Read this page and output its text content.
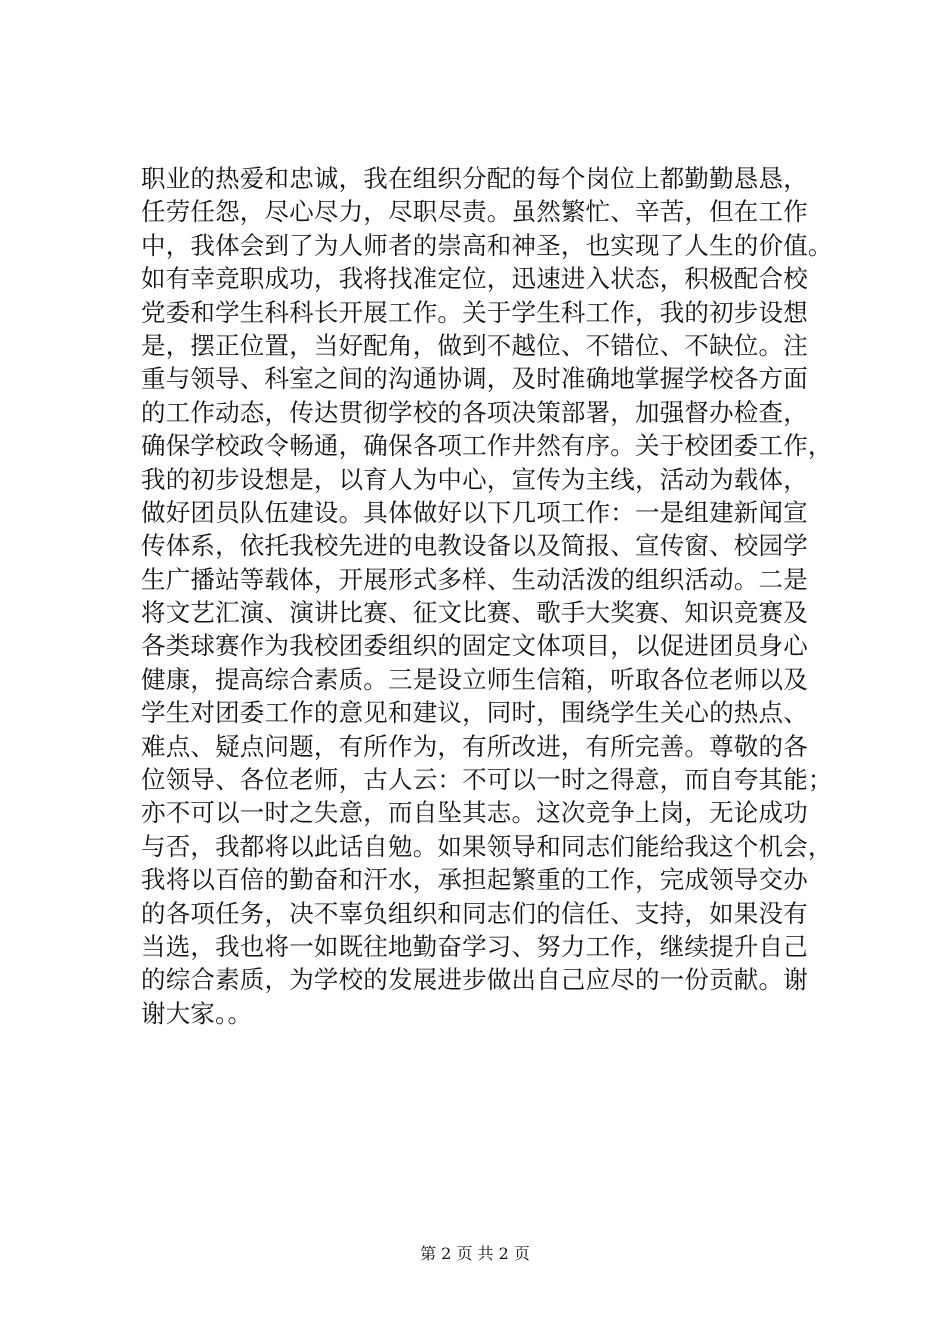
职业的热爱和忠诚，我在组织分配的每个岗位上都勤勤恳恳，
任劳任怨，尽心尽力，尽职尽责。虽然繁忙、辛苦，但在工作
中，我体会到了为人师者的崇高和神圣，也实现了人生的价值。
如有幸竞职成功，我将找准定位，迅速进入状态，积极配合校
党委和学生科科长开展工作。关于学生科工作，我的初步设想
是，摆正位置，当好配角，做到不越位、不错位、不缺位。注
重与领导、科室之间的沟通协调，及时准确地掌握学校各方面
的工作动态，传达贯彻学校的各项决策部署，加强督办检查，
确保学校政令畅通，确保各项工作井然有序。关于校团委工作，
我的初步设想是，以育人为中心，宣传为主线，活动为载体，
做好团员队伍建设。具体做好以下几项工作：一是组建新闻宣
传体系，依托我校先进的电教设备以及简报、宣传窗、校园学
生广播站等载体，开展形式多样、生动活泼的组织活动。二是
将文艺汇演、演讲比赛、征文比赛、歌手大奖赛、知识竞赛及
各类球赛作为我校团委组织的固定文体项目，以促进团员身心
健康，提高综合素质。三是设立师生信箱，听取各位老师以及
学生对团委工作的意见和建议，同时，围绕学生关心的热点、
难点、疑点问题，有所作为，有所改进，有所完善。尊敬的各
位领导、各位老师，古人云：不可以一时之得意，而自夸其能；
亦不可以一时之失意，而自坠其志。这次竞争上岗，无论成功
与否，我都将以此话自勉。如果领导和同志们能给我这个机会，
我将以百倍的勤奋和汗水，承担起繁重的工作，完成领导交办
的各项任务，决不辜负组织和同志们的信任、支持，如果没有
当选，我也将一如既往地勤奋学习、努力工作，继续提升自己
的综合素质，为学校的发展进步做出自己应尽的一份贡献。谢
谢大家。。
第 2 页 共 2 页
